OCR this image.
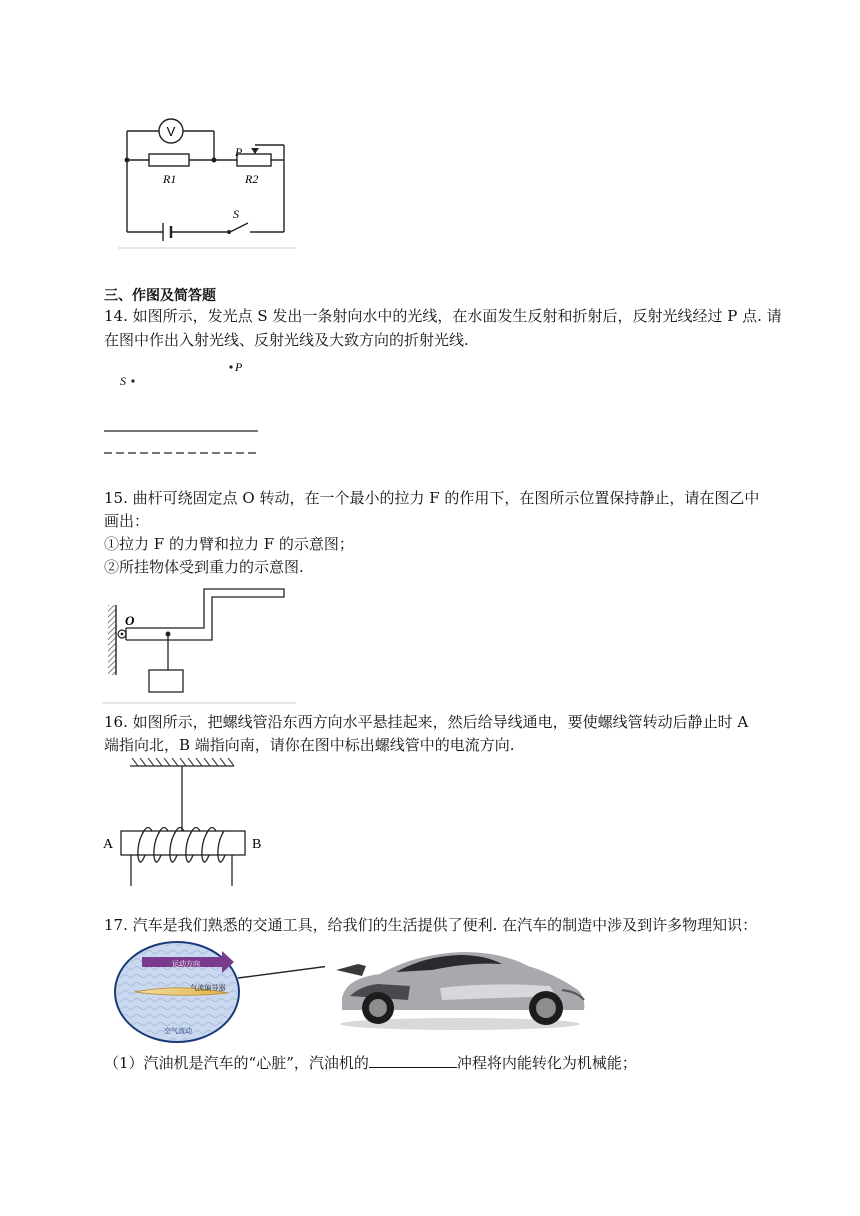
V
R1	R2
P
S
三、作图及简答题
14. 如图所示，发光点 S 发出一条射向水中的光线，在水面发生反射和折射后，反射光线经过 P 点. 请
在图中作出入射光线、反射光线及大致方向的折射光线.
S
P
15. 曲杆可绕固定点 O 转动，在一个最小的拉力 F 的作用下，在图所示位置保持静止，请在图乙中
画出：
①拉力 F 的力臂和拉力 F 的示意图；
②所挂物体受到重力的示意图.
O
16. 如图所示，把螺线管沿东西方向水平悬挂起来，然后给导线通电，要使螺线管转动后静止时 A
端指向北，B 端指向南，请你在图中标出螺线管中的电流方向.
A	B
17. 汽车是我们熟悉的交通工具，给我们的生活提供了便利. 在汽车的制造中涉及到许多物理知识：
运动方向
气流偏导器
空气流动
（1）汽油机是汽车的“心脏”，汽油机的	冲程将内能转化为机械能；
